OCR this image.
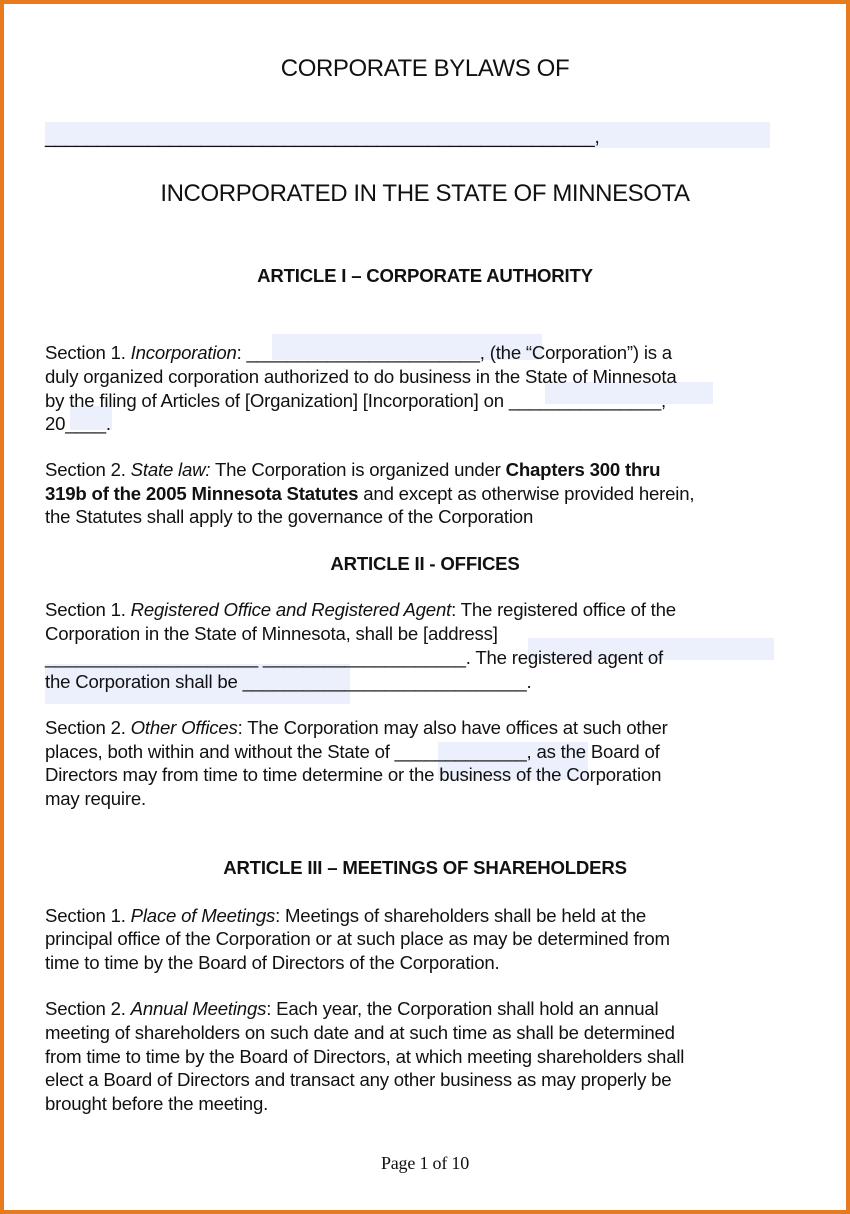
CORPORATE BYLAWS OF
_____________________________________________________,
INCORPORATED IN THE STATE OF MINNESOTA
ARTICLE I – CORPORATE AUTHORITY
Section 1. Incorporation: _______________________, (the “Corporation”) is a
duly organized corporation authorized to do business in the State of Minnesota
by the filing of Articles of [Organization] [Incorporation] on _______________,
20____.
Section 2. State law: The Corporation is organized under Chapters 300 thru
319b of the 2005 Minnesota Statutes and except as otherwise provided herein,
the Statutes shall apply to the governance of the Corporation
ARTICLE II - OFFICES
Section 1. Registered Office and Registered Agent: The registered office of the
Corporation in the State of Minnesota, shall be [address]
_____________________ ____________________. The registered agent of
the Corporation shall be ____________________________.
Section 2. Other Offices: The Corporation may also have offices at such other
places, both within and without the State of _____________, as the Board of
Directors may from time to time determine or the business of the Corporation
may require.
ARTICLE III – MEETINGS OF SHAREHOLDERS
Section 1. Place of Meetings: Meetings of shareholders shall be held at the
principal office of the Corporation or at such place as may be determined from
time to time by the Board of Directors of the Corporation.
Section 2. Annual Meetings: Each year, the Corporation shall hold an annual
meeting of shareholders on such date and at such time as shall be determined
from time to time by the Board of Directors, at which meeting shareholders shall
elect a Board of Directors and transact any other business as may properly be
brought before the meeting.
Page 1 of 10
